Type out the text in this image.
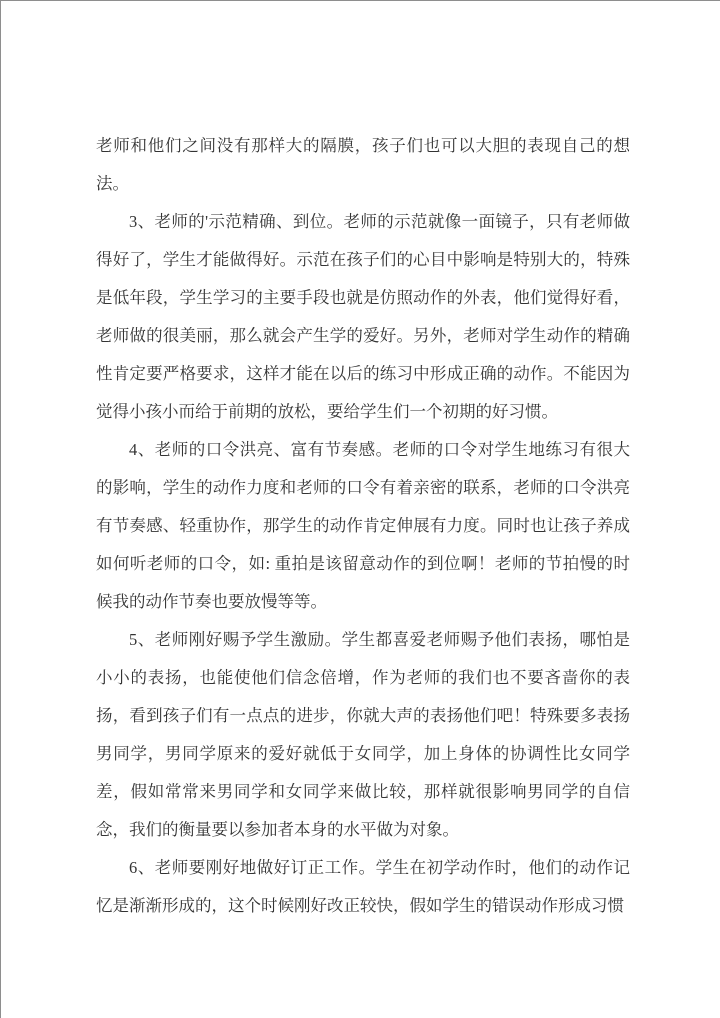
老师和他们之间没有那样大的隔膜，孩子们也可以大胆的表现自己的想法。

3、老师的'示范精确、到位。老师的示范就像一面镜子，只有老师做得好了，学生才能做得好。示范在孩子们的心目中影响是特别大的，特殊是低年段，学生学习的主要手段也就是仿照动作的外表，他们觉得好看，老师做的很美丽，那么就会产生学的爱好。另外，老师对学生动作的精确性肯定要严格要求，这样才能在以后的练习中形成正确的动作。不能因为觉得小孩小而给于前期的放松，要给学生们一个初期的好习惯。

4、老师的口令洪亮、富有节奏感。老师的口令对学生地练习有很大的影响，学生的动作力度和老师的口令有着亲密的联系，老师的口令洪亮有节奏感、轻重协作，那学生的动作肯定伸展有力度。同时也让孩子养成如何听老师的口令，如: 重拍是该留意动作的到位啊！老师的节拍慢的时候我的动作节奏也要放慢等等。

5、老师刚好赐予学生激励。学生都喜爱老师赐予他们表扬，哪怕是小小的表扬，也能使他们信念倍增，作为老师的我们也不要吝啬你的表扬，看到孩子们有一点点的进步，你就大声的表扬他们吧！特殊要多表扬男同学，男同学原来的爱好就低于女同学，加上身体的协调性比女同学差，假如常常来男同学和女同学来做比较，那样就很影响男同学的自信念，我们的衡量要以参加者本身的水平做为对象。

6、老师要刚好地做好订正工作。学生在初学动作时，他们的动作记忆是渐渐形成的，这个时候刚好改正较快，假如学生的错误动作形成习惯
